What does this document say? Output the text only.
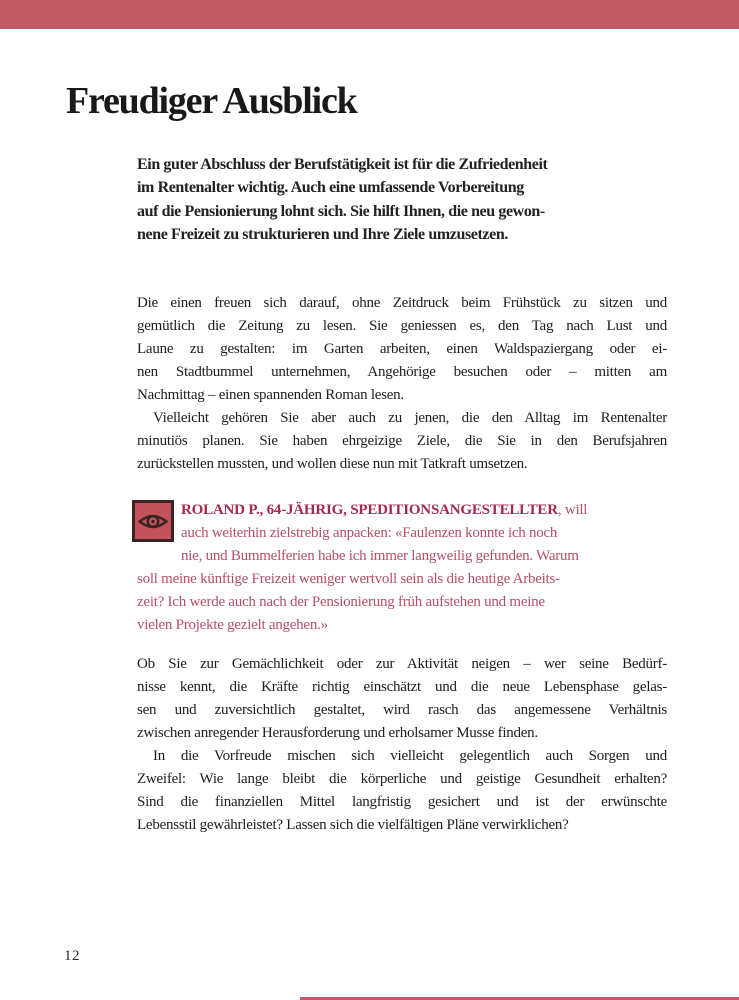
Freudiger Ausblick
Ein guter Abschluss der Berufstätigkeit ist für die Zufriedenheit
im Rentenalter wichtig. Auch eine umfassende Vorbereitung
auf die Pensionierung lohnt sich. Sie hilft Ihnen, die neu gewon-
nene Freizeit zu strukturieren und Ihre Ziele umzusetzen.
Die einen freuen sich darauf, ohne Zeitdruck beim Frühstück zu sitzen und
gemütlich die Zeitung zu lesen. Sie geniessen es, den Tag nach Lust und
Laune zu gestalten: im Garten arbeiten, einen Waldspaziergang oder ei-
nen Stadtbummel unternehmen, Angehörige besuchen oder – mitten am
Nachmittag – einen spannenden Roman lesen.
Vielleicht gehören Sie aber auch zu jenen, die den Alltag im Rentenalter
minutiös planen. Sie haben ehrgeizige Ziele, die Sie in den Berufsjahren
zurückstellen mussten, und wollen diese nun mit Tatkraft umsetzen.
ROLAND P., 64-JÄHRIG, SPEDITIONSANGESTELLTER, will
auch weiterhin zielstrebig anpacken: «Faulenzen konnte ich noch
nie, und Bummelferien habe ich immer langweilig gefunden. Warum
soll meine künftige Freizeit weniger wertvoll sein als die heutige Arbeits-
zeit? Ich werde auch nach der Pensionierung früh aufstehen und meine
vielen Projekte gezielt angehen.»
Ob Sie zur Gemächlichkeit oder zur Aktivität neigen – wer seine Bedürf-
nisse kennt, die Kräfte richtig einschätzt und die neue Lebensphase gelas-
sen und zuversichtlich gestaltet, wird rasch das angemessene Verhältnis
zwischen anregender Herausforderung und erholsamer Musse finden.
In die Vorfreude mischen sich vielleicht gelegentlich auch Sorgen und
Zweifel: Wie lange bleibt die körperliche und geistige Gesundheit erhalten?
Sind die finanziellen Mittel langfristig gesichert und ist der erwünschte
Lebensstil gewährleistet? Lassen sich die vielfältigen Pläne verwirklichen?
12
